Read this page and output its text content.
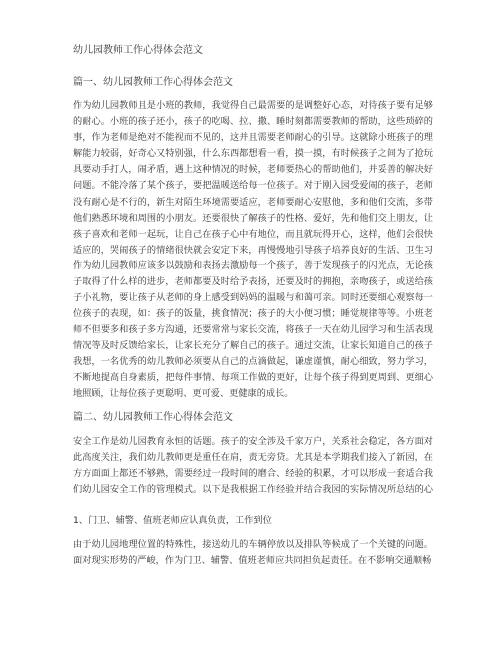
幼儿园教师工作心得体会范文
篇一、幼儿园教师工作心得体会范文

作为幼儿园教师且是小班的教师，我觉得自己最需要的是调整好心态，对待孩子要有足够的耐心。小班的孩子还小，孩子的吃喝、拉、撒、睡时刻都需要教师的帮助，这些琐碎的事，作为老师是绝对不能视而不见的，这并且需要老师耐心的引导。这就除小班孩子的理解能力较弱，好奇心又特别强，什么东西都想看一看，摸一摸，有时候孩子之间为了抢玩具要动手打人，闹矛盾，遇上这种情况的时候，老师要热心的帮助他们，并妥善的解决好问题。不能冷落了某个孩子，要把温暖送给每一位孩子。对于刚入园受爱闹的孩子，老师没有耐心是不行的，新生对陌生环境需要适应，老师要耐心安慰他，多和他们交流，多带他们熟悉环境和周围的小朋友。还要很快了解孩子的性格、爱好，先和他们交上朋友，让孩子喜欢和老师一起玩，让自己在孩子心中有地位，而且就玩得开心，这样，他们会很快适应的，哭闹孩子的情绪很快就会安定下来，再慢慢地引导孩子培养良好的生活、卫生习

作为幼儿园教师应该多以鼓励和表扬去激励每一个孩子，善于发现孩子的闪光点，无论孩子取得了什么样的进步，老师都要及时给予表扬，还要及时的拥抱，亲吻孩子，或送给孩子小礼物，要让孩子从老师的身上感受到妈妈的温暖与和蔼可亲。同时还要细心观察每一位孩子的表现，如：孩子的饭量，挑食情况；孩子的大小便习惯；睡觉规律等等。小班老师不但要多和孩子多方沟通，还要常常与家长交流，将孩子一天在幼儿园学习和生活表现情况等及时反馈给家长，让家长充分了解自己的孩子。通过交流，让家长知道自己的孩子

我想，一名优秀的幼儿教师必须要从自己的点滴做起，谦虚谨慎，耐心细致，努力学习，不断地提高自身素质，把每件事情、每项工作做的更好，让每个孩子得到更周到、更细心地照顾，让每位孩子更聪明、更可爱、更健康的成长。

篇二、幼儿园教师工作心得体会范文

安全工作是幼儿园教育永恒的话题。孩子的安全涉及千家万户，关系社会稳定，各方面对此高度关注，我们幼儿教师更是重任在肩，责无旁贷。尤其是本学期我们接入了新园，在方方面面上都还不够熟，需要经过一段时间的磨合、经验的积累，才可以形成一套适合我们幼儿园安全工作的管理模式。以下是我根据工作经验并结合我园的实际情况所总结的心

1、门卫、辅警、值班老师应认真负责，工作到位

由于幼儿园地理位置的特殊性，接送幼儿的车辆停放以及排队等候成了一个关键的问题。面对现实形势的严峻，作为门卫、辅警、值班老师应共同担负起责任。在不影响交通顺畅
